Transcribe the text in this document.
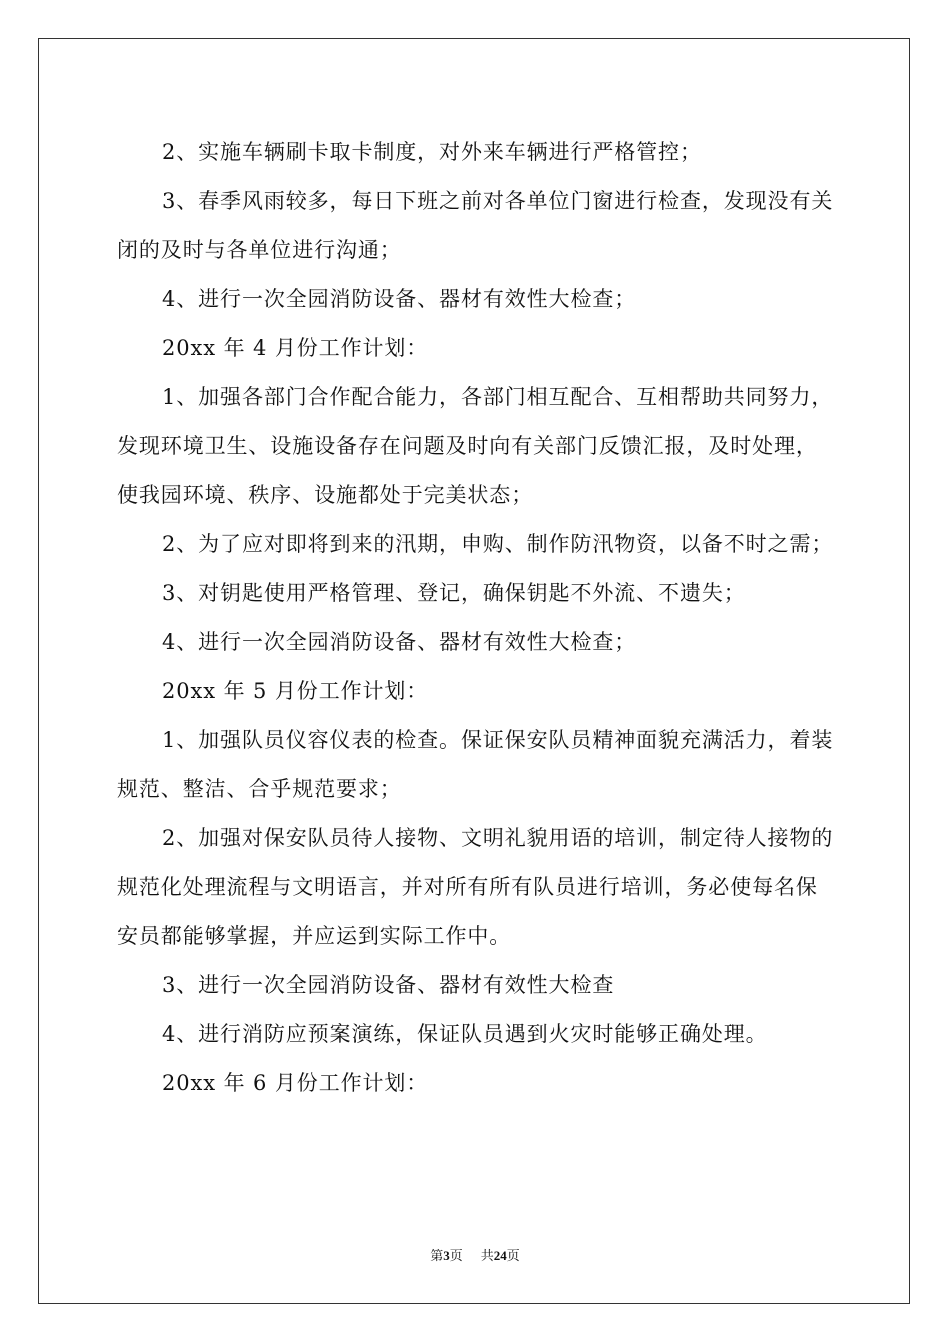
2、实施车辆刷卡取卡制度，对外来车辆进行严格管控；

3、春季风雨较多，每日下班之前对各单位门窗进行检查，发现没有关闭的及时与各单位进行沟通；

4、进行一次全园消防设备、器材有效性大检查；

20xx 年 4 月份工作计划：

1、加强各部门合作配合能力，各部门相互配合、互相帮助共同努力，发现环境卫生、设施设备存在问题及时向有关部门反馈汇报，及时处理，使我园环境、秩序、设施都处于完美状态；

2、为了应对即将到来的汛期，申购、制作防汛物资，以备不时之需；

3、对钥匙使用严格管理、登记，确保钥匙不外流、不遗失；

4、进行一次全园消防设备、器材有效性大检查；

20xx 年 5 月份工作计划：

1、加强队员仪容仪表的检查。保证保安队员精神面貌充满活力，着装规范、整洁、合乎规范要求；

2、加强对保安队员待人接物、文明礼貌用语的培训，制定待人接物的规范化处理流程与文明语言，并对所有所有队员进行培训，务必使每名保安员都能够掌握，并应运到实际工作中。

3、进行一次全园消防设备、器材有效性大检查

4、进行消防应预案演练，保证队员遇到火灾时能够正确处理。

20xx 年 6 月份工作计划：

第3页 共24页
